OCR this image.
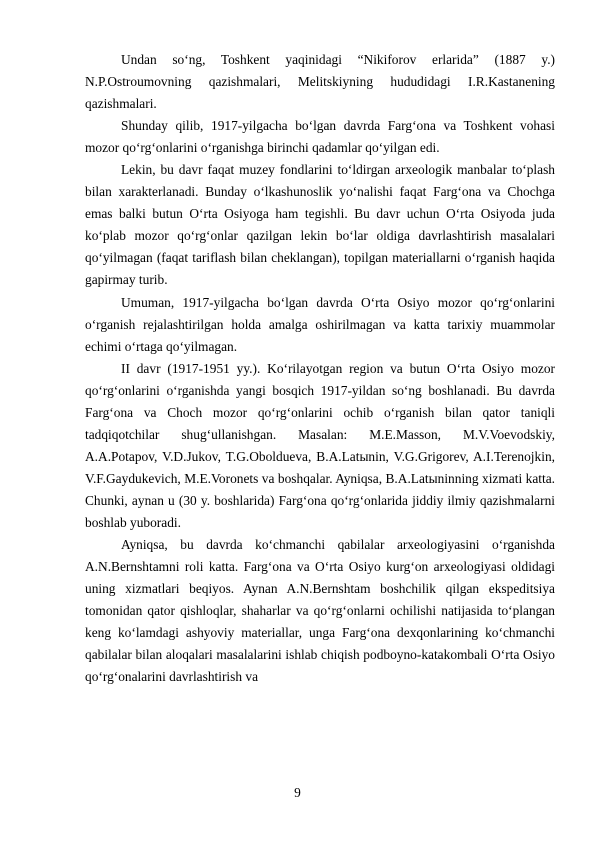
Undan so‘ng, Toshkent yaqinidagi “Nikiforov erlarida” (1887 y.) N.P.Ostroumovning qazishmalari, Melitskiyning hududidagi I.R.Kastanening qazishmalari.

Shunday qilib, 1917-yilgacha bo‘lgan davrda Farg‘ona va Toshkent vohasi mozor qo‘rg‘onlarini o‘rganishga birinchi qadamlar qo‘yilgan edi.

Lekin, bu davr faqat muzey fondlarini to‘ldirgan arxeologik manbalar to‘plash bilan xarakterlanadi. Bunday o‘lkashunoslik yo‘nalishi faqat Farg‘ona va Chochga emas balki butun O‘rta Osiyoga ham tegishli. Bu davr uchun O‘rta Osiyoda juda ko‘plab mozor qo‘rg‘onlar qazilgan lekin bo‘lar oldiga davrlashtirish masalalari qo‘yilmagan (faqat tariflash bilan cheklangan), topilgan materiallarni o‘rganish haqida gapirmay turib.

Umuman, 1917-yilgacha bo‘lgan davrda O‘rta Osiyo mozor qo‘rg‘onlarini o‘rganish rejalashtirilgan holda amalga oshirilmagan va katta tarixiy muammolar echimi o‘rtaga qo‘yilmagan.

II davr (1917-1951 yy.). Ko‘rilayotgan region va butun O‘rta Osiyo mozor qo‘rg‘onlarini o‘rganishda yangi bosqich 1917-yildan so‘ng boshlanadi. Bu davrda Farg‘ona va Choch mozor qo‘rg‘onlarini ochib o‘rganish bilan qator taniqli tadqiqotchilar shug‘ullanishgan. Masalan: M.E.Masson, M.V.Voevodskiy, A.A.Potapov, V.D.Jukov, T.G.Obolduevа, B.A.Latыnin, V.G.Grigorev, A.I.Terenojkin, V.F.Gaydukevich, M.E.Voronets va boshqalar. Ayniqsa, B.A.Latыninning xizmati katta. Chunki, aynan u (30 y. boshlarida) Farg‘ona qo‘rg‘onlarida jiddiy ilmiy qazishmalarni boshlab yuboradi.

Ayniqsa, bu davrda ko‘chmanchi qabilalar arxeologiyasini o‘rganishda A.N.Bernshtamni roli katta. Farg‘ona va O‘rta Osiyo kurg‘on arxeologiyasi oldidagi uning xizmatlari beqiyos. Aynan A.N.Bernshtam boshchilik qilgan ekspeditsiya tomonidan qator qishloqlar, shaharlar va qo‘rg‘onlarni ochilishi natijasida to‘plangan keng ko‘lamdagi ashyoviy materiallar, unga Farg‘ona dexqonlarining ko‘chmanchi qabilalar bilan aloqalari masalalarini ishlab chiqish podboyno-katakombali O‘rta Osiyo qo‘rg‘onalarini davrlashtirish va

9
